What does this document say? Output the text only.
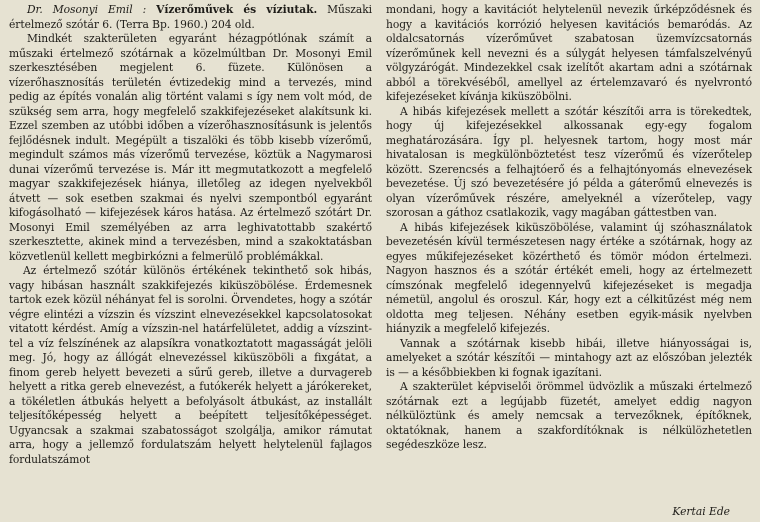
Dr. Mosonyi Emil : Vízerőművek és víziutak. Műszaki értelmező szótár 6. (Terra Bp. 1960.) 204 old.

Mindkét szakterületen egyaránt hézagpótlónak számít a műszaki értelmező szótárnak a közelmúltban Dr. Mosonyi Emil szerkesztésében megjelent 6. füzete. Különösen a vízerőhasznosítás területén évtizedekig mind a tervezés, mind pedig az építés vonalán alig történt valami s így nem volt mód, de szükség sem arra, hogy megfelelő szakkifejezéseket alakítsunk ki. Ezzel szemben az utóbbi időben a vízerőhasznosításunk is jelentős fejlődésnek indult. Megépült a tiszalöki és több kisebb vízerőmű, megindult számos más vízerőmű tervezése, köztük a Nagymarosi dunai vízerőmű tervezése is. Már itt megmutatkozott a megfelelő magyar szakkifejezések hiánya, illetőleg az idegen nyelvekből átvett — sok esetben szakmai és nyelvi szempontból egyaránt kifogásolható — kifejezések káros hatása. Az értelmező szótárt Dr. Mosonyi Emil személyében az arra leghivatottabb szakértő szerkesztette, akinek mind a tervezésben, mind a szakoktatásban közvetlenül kellett megbirkózni a felmerülő problémákkal.

Az értelmező szótár különös értékének tekinthető sok hibás, vagy hibásan használt szakkifejezés kiküszöbölése. Érdemesnek tartok ezek közül néhányat fel is sorolni. Örvendetes, hogy a szótár végre elintézi a vízszin és vízszint elnevezésekkel kapcsolatosokat vitatott kérdést. Amíg a vízszin-nel határfelületet, addig a vízszint-tel a víz felszínének az alapsíkra vonatkoztatott magasságát jelöli meg. Jó, hogy az állógát elnevezéssel kiküszöböli a fixgátat, a finom gereb helyett bevezeti a sűrű gereb, illetve a durvagereb helyett a ritka gereb elnevezést, a futókerék helyett a járókereket, a tökéletlen átbukás helyett a befolyásolt átbukást, az installált teljesítőképesség helyett a beépített teljesítőképességet. Ugyancsak a szakmai szabatosságot szolgálja, amikor rámutat arra, hogy a jellemző fordulatszám helyett helytelenül fajlagos fordulatszámot

mondani, hogy a kavitációt helytelenül nevezik űrképződésnek és hogy a kavitációs korrózió helyesen kavitációs bemaródás. Az oldalcsatornás vízerőművet szabatosan üzemvízcsatornás vízerőműnek kell nevezni és a súlygát helyesen támfalszelvényű völgyzárógát. Mindezekkel csak izelítőt akartam adni a szótárnak abból a törekvéséből, amellyel az értelemzavaró és nyelvrontó kifejezéseket kívánja kiküszöbölni.

A hibás kifejezések mellett a szótár készítői arra is törekedtek, hogy új kifejezésekkel alkossanak egy-egy fogalom meghatározására. Így pl. helyesnek tartom, hogy most már hivatalosan is megkülönböztetést tesz vízerőmű és vízerőtelep között. Szerencsés a felhajtóerő és a felhajtónyomás elnevezések bevezetése. Új szó bevezetésére jó példa a gáterőmű elnevezés is olyan vízerőművek részére, amelyeknél a vízerőtelep, vagy szorosan a gáthoz csatlakozik, vagy magában gáttestben van.

A hibás kifejezések kiküszöbölése, valamint új szóhasználatok bevezetésén kívül természetesen nagy értéke a szótárnak, hogy az egyes műkifejezéseket közérthető és tömör módon értelmezi. Nagyon hasznos és a szótár értékét emeli, hogy az értelmezett címszónak megfelelő idegennyelvű kifejezéseket is megadja németül, angolul és oroszul. Kár, hogy ezt a célkitűzést még nem oldotta meg teljesen. Néhány esetben egyik-másik nyelvben hiányzik a megfelelő kifejezés.

Vannak a szótárnak kisebb hibái, illetve hiányosságai is, amelyeket a szótár készítői — mintahogy azt az előszóban jelezték is — a későbbiekben ki fognak igazítani.

A szakterület képviselői örömmel üdvözlik a műszaki értelmező szótárnak ezt a legújabb füzetét, amelyet eddig nagyon nélkülöztünk és amely nemcsak a tervezőknek, építőknek, oktatóknak, hanem a szakfordítóknak is nélkülözhetetlen segédeszköze lesz.

Kertai Ede
